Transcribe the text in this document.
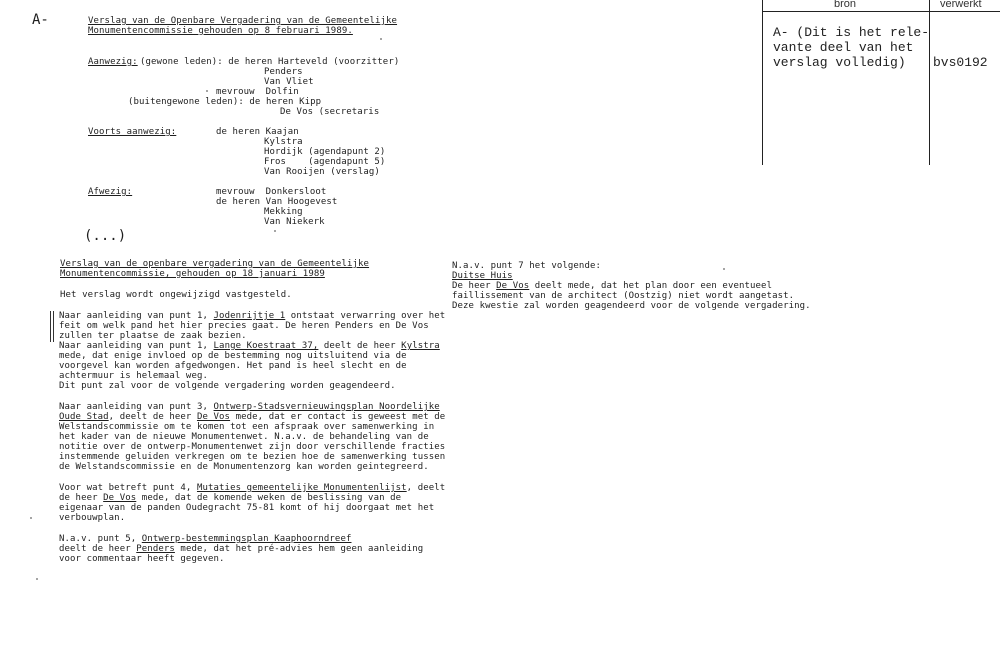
A-	Verslag van de Openbare Vergadering van de Gemeentelijke
Monumentencommissie gehouden op 8 februari 1989.
bron	verwerkt
A- (Dit is het rele-
vante deel van het
verslag volledig) bvs0192
Aanwezig: (gewone leden): de heren Harteveld (voorzitter)
Penders
Van Vliet
mevrouw  Dolfin
(buitengewone leden): de heren Kipp
De Vos (secretaris
Voorts aanwezig:	de heren Kaajan
Kylstra
Hordijk (agendapunt 2)
Fros    (agendapunt 5)
Van Rooijen (verslag)
Afwezig:	mevrouw  Donkersloot
de heren Van Hoogevest
Mekking
Van Niekerk
(...)
Verslag van de openbare vergadering van de Gemeentelijke
Monumentencommissie, gehouden op 18 januari 1989
Het verslag wordt ongewijzigd vastgesteld.
Naar aanleiding van punt 1, Jodenrijtje 1 ontstaat verwarring over het
feit om welk pand het hier precies gaat. De heren Penders en De Vos
zullen ter plaatse de zaak bezien.
Naar aanleiding van punt 1, Lange Koestraat 37, deelt de heer Kylstra
mede, dat enige invloed op de bestemming nog uitsluitend via de
voorgevel kan worden afgedwongen. Het pand is heel slecht en de
achtermuur is helemaal weg.
Dit punt zal voor de volgende vergadering worden geagendeerd.
Naar aanleiding van punt 3, Ontwerp-Stadsvernieuwingsplan Noordelijke
Oude Stad, deelt de heer De Vos mede, dat er contact is geweest met de
Welstandscommissie om te komen tot een afspraak over samenwerking in
het kader van de nieuwe Monumentenwet. N.a.v. de behandeling van de
notitie over de ontwerp-Monumentenwet zijn door verschillende fracties
instemmende geluiden verkregen om te bezien hoe de samenwerking tussen
de Welstandscommissie en de Monumentenzorg kan worden geintegreerd.
Voor wat betreft punt 4, Mutaties gemeentelijke Monumentenlijst, deelt
de heer De Vos mede, dat de komende weken de beslissing van de
eigenaar van de panden Oudegracht 75-81 komt of hij doorgaat met het
verbouwplan.
N.a.v. punt 5, Ontwerp-bestemmingsplan Kaaphoorndreef
deelt de heer Penders mede, dat het pré-advies hem geen aanleiding
voor commentaar heeft gegeven.
N.a.v. punt 7 het volgende:
Duitse Huis
De heer De Vos deelt mede, dat het plan door een eventueel
faillissement van de architect (Oostzig) niet wordt aangetast.
Deze kwestie zal worden geagendeerd voor de volgende vergadering.
